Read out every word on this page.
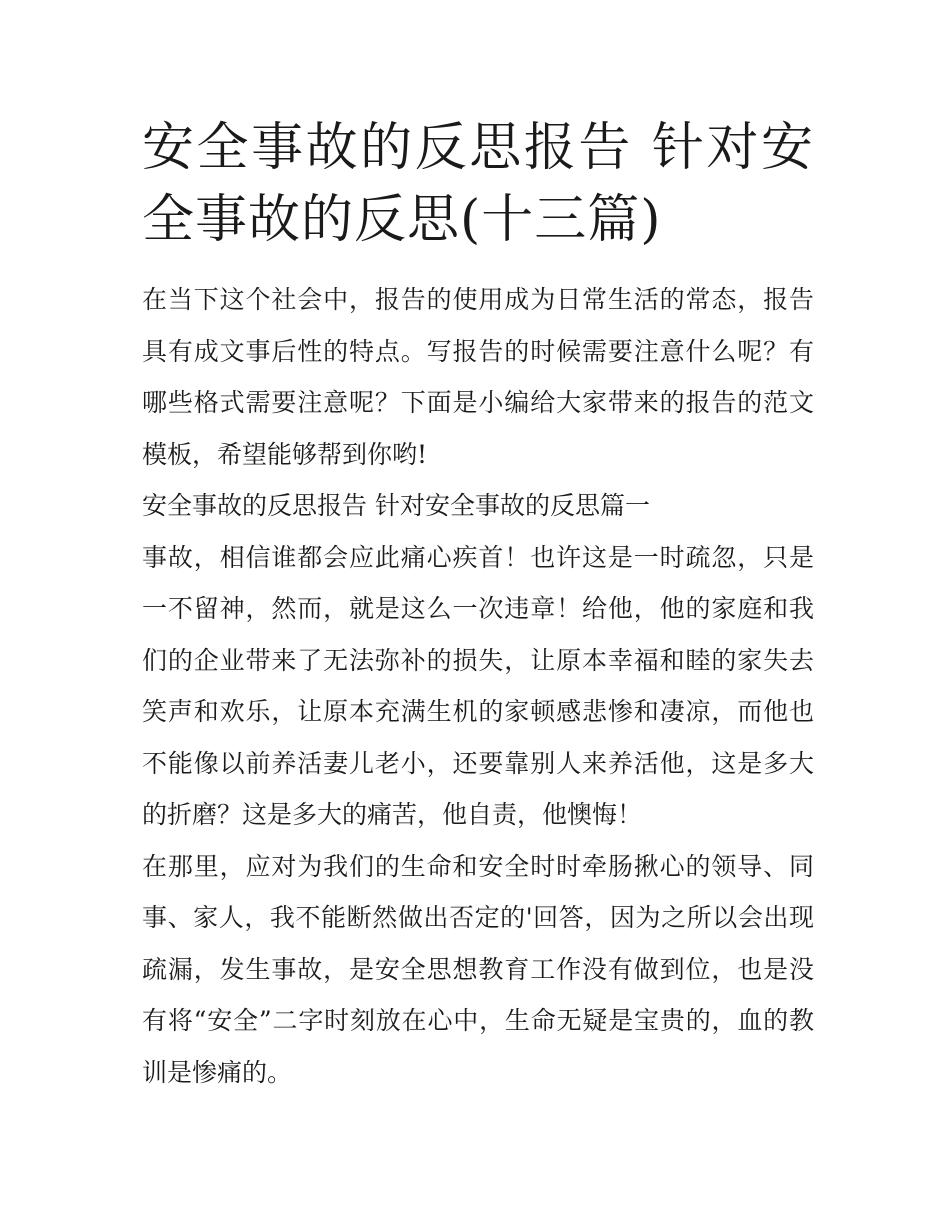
安全事故的反思报告 针对安全事故的反思(十三篇)

在当下这个社会中，报告的使用成为日常生活的常态，报告具有成文事后性的特点。写报告的时候需要注意什么呢？有哪些格式需要注意呢？下面是小编给大家带来的报告的范文模板，希望能够帮到你哟!

安全事故的反思报告 针对安全事故的反思篇一

事故，相信谁都会应此痛心疾首！也许这是一时疏忽，只是一不留神，然而，就是这么一次违章！给他，他的家庭和我们的企业带来了无法弥补的损失，让原本幸福和睦的家失去笑声和欢乐，让原本充满生机的家顿感悲惨和凄凉，而他也不能像以前养活妻儿老小，还要靠别人来养活他，这是多大的折磨？这是多大的痛苦，他自责，他懊悔！

在那里，应对为我们的生命和安全时时牵肠揪心的领导、同事、家人，我不能断然做出否定的'回答，因为之所以会出现疏漏，发生事故，是安全思想教育工作没有做到位，也是没有将“安全”二字时刻放在心中，生命无疑是宝贵的，血的教训是惨痛的。
